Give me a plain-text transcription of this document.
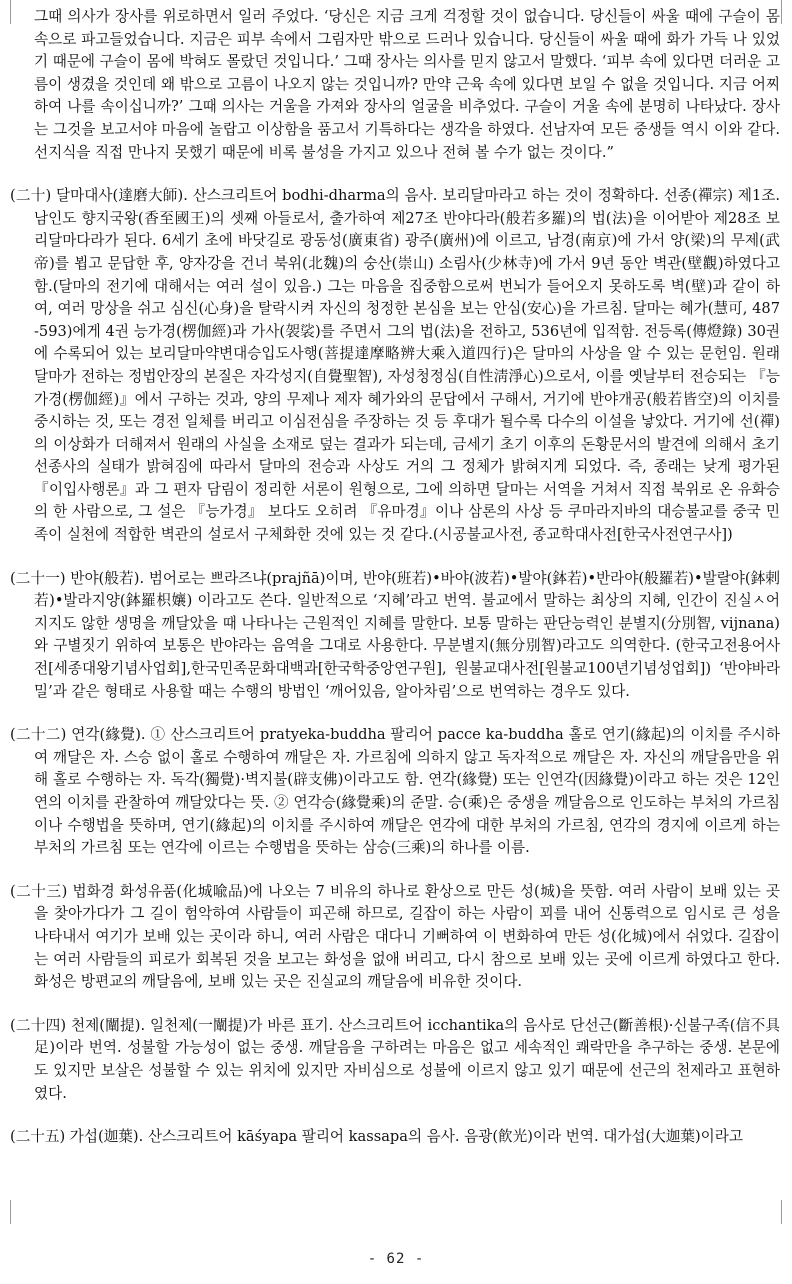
그때 의사가 장사를 위로하면서 일러 주었다. ‘당신은 지금 크게 걱정할 것이 없습니다. 당신들이 싸울 때에 구슬이 몸속으로 파고들었습니다. 지금은 피부 속에서 그림자만 밖으로 드러나 있습니다. 당신들이 싸울 때에 화가 가득 나 있었기 때문에 구슬이 몸에 박혀도 몰랐던 것입니다.’ 그때 장사는 의사를 믿지 않고서 말했다. ‘피부 속에 있다면 더러운 고름이 생겼을 것인데 왜 밖으로 고름이 나오지 않는 것입니까? 만약 근육 속에 있다면 보일 수 없을 것입니다. 지금 어찌하여 나를 속이십니까?’ 그때 의사는 거울을 가져와 장사의 얼굴을 비추었다. 구슬이 거울 속에 분명히 나타났다. 장사는 그것을 보고서야 마음에 놀랍고 이상함을 품고서 기특하다는 생각을 하였다. 선남자여 모든 중생들 역시 이와 같다. 선지식을 직접 만나지 못했기 때문에 비록 불성을 가지고 있으나 전혀 볼 수가 없는 것이다.”

(二十) 달마대사(達磨大師). 산스크리트어 bodhi-dharma의 음사. 보리달마라고 하는 것이 정확하다. 선종(禪宗) 제1조. 남인도 향지국왕(香至國王)의 셋째 아들로서, 출가하여 제27조 반야다라(般若多羅)의 법(法)을 이어받아 제28조 보리달마다라가 된다. 6세기 초에 바닷길로 광동성(廣東省) 광주(廣州)에 이르고, 남경(南京)에 가서 양(梁)의 무제(武帝)를 뵙고 문답한 후, 양자강을 건너 북위(北魏)의 숭산(崇山) 소림사(少林寺)에 가서 9년 동안 벽관(壁觀)하였다고 함.(달마의 전기에 대해서는 여러 설이 있음.) 그는 마음을 집중함으로써 번뇌가 들어오지 못하도록 벽(壁)과 같이 하여, 여러 망상을 쉬고 심신(心身)을 탈락시켜 자신의 청정한 본심을 보는 안심(安心)을 가르침. 달마는 혜가(慧可, 487-593)에게 4권 능가경(楞伽經)과 가사(袈裟)를 주면서 그의 법(法)을 전하고, 536년에 입적함. 전등록(傳燈錄) 30권에 수록되어 있는 보리달마약변대승입도사행(菩提達摩略辨大乘入道四行)은 달마의 사상을 알 수 있는 문헌임. 원래 달마가 전하는 정법안장의 본질은 자각성지(自覺聖智), 자성청정심(自性淸淨心)으로서, 이를 옛날부터 전승되는 『능가경(楞伽經)』에서 구하는 것과, 양의 무제나 제자 혜가와의 문답에서 구해서, 거기에 반야개공(般若皆空)의 이치를 중시하는 것, 또는 경전 일체를 버리고 이심전심을 주장하는 것 등 후대가 될수록 다수의 이설을 낳았다. 거기에 선(禪)의 이상화가 더해져서 원래의 사실을 소재로 덮는 결과가 되는데, 금세기 초기 이후의 돈황문서의 발견에 의해서 초기 선종사의 실태가 밝혀짐에 따라서 달마의 전승과 사상도 거의 그 정체가 밝혀지게 되었다. 즉, 종래는 낮게 평가된 『이입사행론』과 그 편자 담림이 정리한 서론이 원형으로, 그에 의하면 달마는 서역을 거쳐서 직접 북위로 온 유화승의 한 사람으로, 그 설은 『능가경』 보다도 오히려 『유마경』이나 삼론의 사상 등 쿠마라지바의 대승불교를 중국 민족이 실천에 적합한 벽관의 설로서 구체화한 것에 있는 것 같다.(시공불교사전, 종교학대사전[한국사전연구사])

(二十一) 반야(般若). 범어로는 쁘라즈냐(prajñā)이며, 반야(班若)•바야(波若)•발야(鉢若)•반라야(般羅若)•발랄야(鉢剌若)•발라지양(鉢羅枳孃) 이라고도 쓴다. 일반적으로 ‘지혜’라고 번역. 불교에서 말하는 최상의 지혜, 인간이 진실ㅅ어지지도 않한 생명을 깨달았을 때 나타나는 근원적인 지혜를 말한다. 보통 말하는 판단능력인 분별지(分別智, vijnana)와 구별짓기 위하여 보통은 반야라는 음역을 그대로 사용한다. 무분별지(無分別智)라고도 의역한다. (한국고전용어사전[세종대왕기념사업회],한국민족문화대백과[한국학중앙연구원], 원불교대사전[원불교100년기념성업회]) ‘반야바라밀’과 같은 형태로 사용할 때는 수행의 방법인 ‘깨어있음, 알아차림’으로 번역하는 경우도 있다.

(二十二) 연각(緣覺). ① 산스크리트어 pratyeka-buddha 팔리어 pacce ka-buddha 홀로 연기(緣起)의 이치를 주시하여 깨달은 자. 스승 없이 홀로 수행하여 깨달은 자. 가르침에 의하지 않고 독자적으로 깨달은 자. 자신의 깨달음만을 위해 홀로 수행하는 자. 독각(獨覺)·벽지불(辟支佛)이라고도 함. 연각(緣覺) 또는 인연각(因緣覺)이라고 하는 것은 12인연의 이치를 관찰하여 깨달았다는 뜻. ② 연각승(緣覺乘)의 준말. 승(乘)은 중생을 깨달음으로 인도하는 부처의 가르침이나 수행법을 뜻하며, 연기(緣起)의 이치를 주시하여 깨달은 연각에 대한 부처의 가르침, 연각의 경지에 이르게 하는 부처의 가르침 또는 연각에 이르는 수행법을 뜻하는 삼승(三乘)의 하나를 이름.

(二十三) 법화경 화성유품(化城喩品)에 나오는 7 비유의 하나로 환상으로 만든 성(城)을 뜻함. 여러 사람이 보배 있는 곳을 찾아가다가 그 길이 험악하여 사람들이 피곤해 하므로, 길잡이 하는 사람이 꾀를 내어 신통력으로 임시로 큰 성을 나타내서 여기가 보배 있는 곳이라 하니, 여러 사람은 대다니 기뻐하여 이 변화하여 만든 성(化城)에서 쉬었다. 길잡이는 여러 사람들의 피로가 회복된 것을 보고는 화성을 없애 버리고, 다시 참으로 보배 있는 곳에 이르게 하였다고 한다. 화성은 방편교의 깨달음에, 보배 있는 곳은 진실교의 깨달음에 비유한 것이다.

(二十四) 천제(闡提). 일천제(一闡提)가 바른 표기. 산스크리트어 icchantika의 음사로 단선근(斷善根)·신불구족(信不具足)이라 번역. 성불할 가능성이 없는 중생. 깨달음을 구하려는 마음은 없고 세속적인 쾌락만을 추구하는 중생. 본문에도 있지만 보살은 성불할 수 있는 위치에 있지만 자비심으로 성불에 이르지 않고 있기 때문에 선근의 천제라고 표현하였다.

(二十五) 가섭(迦葉). 산스크리트어 kāśyapa 팔리어 kassapa의 음사. 음광(飮光)이라 번역. 대가섭(大迦葉)이라고

- 62 -
